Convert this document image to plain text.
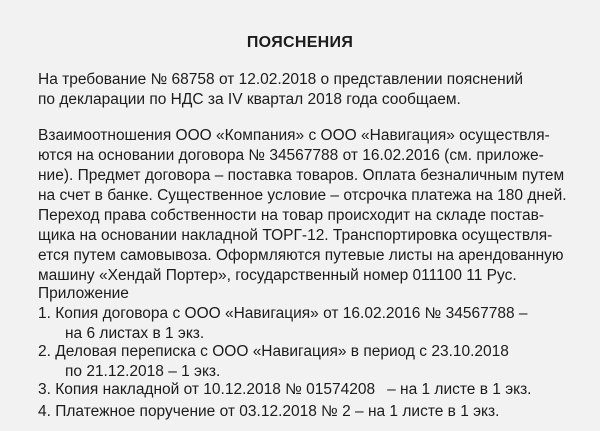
ПОЯСНЕНИЯ
На требование № 68758 от 12.02.2018 о представлении пояснений
по декларации по НДС за IV квартал 2018 года сообщаем.
Взаимоотношения ООО «Компания» с ООО «Навигация» осуществля-
ются на основании договора № 34567788 от 16.02.2016 (см. приложе-
ние). Предмет договора – поставка товаров. Оплата безналичным путем
на счет в банке. Существенное условие – отсрочка платежа на 180 дней.
Переход права собственности на товар происходит на складе постав-
щика на основании накладной ТОРГ-12. Транспортировка осуществля-
ется путем самовывоза. Оформляются путевые листы на арендованную
машину «Хендай Портер», государственный номер 011100 11 Рус.
Приложение
1. Копия договора с ООО «Навигация» от 16.02.2016 № 34567788 –
на 6 листах в 1 экз.
2. Деловая переписка с ООО «Навигация» в период с 23.10.2018
по 21.12.2018 – 1 экз.
3. Копия накладной от 10.12.2018 № 01574208 – на 1 листе в 1 экз.
4. Платежное поручение от 03.12.2018 № 2 – на 1 листе в 1 экз.
